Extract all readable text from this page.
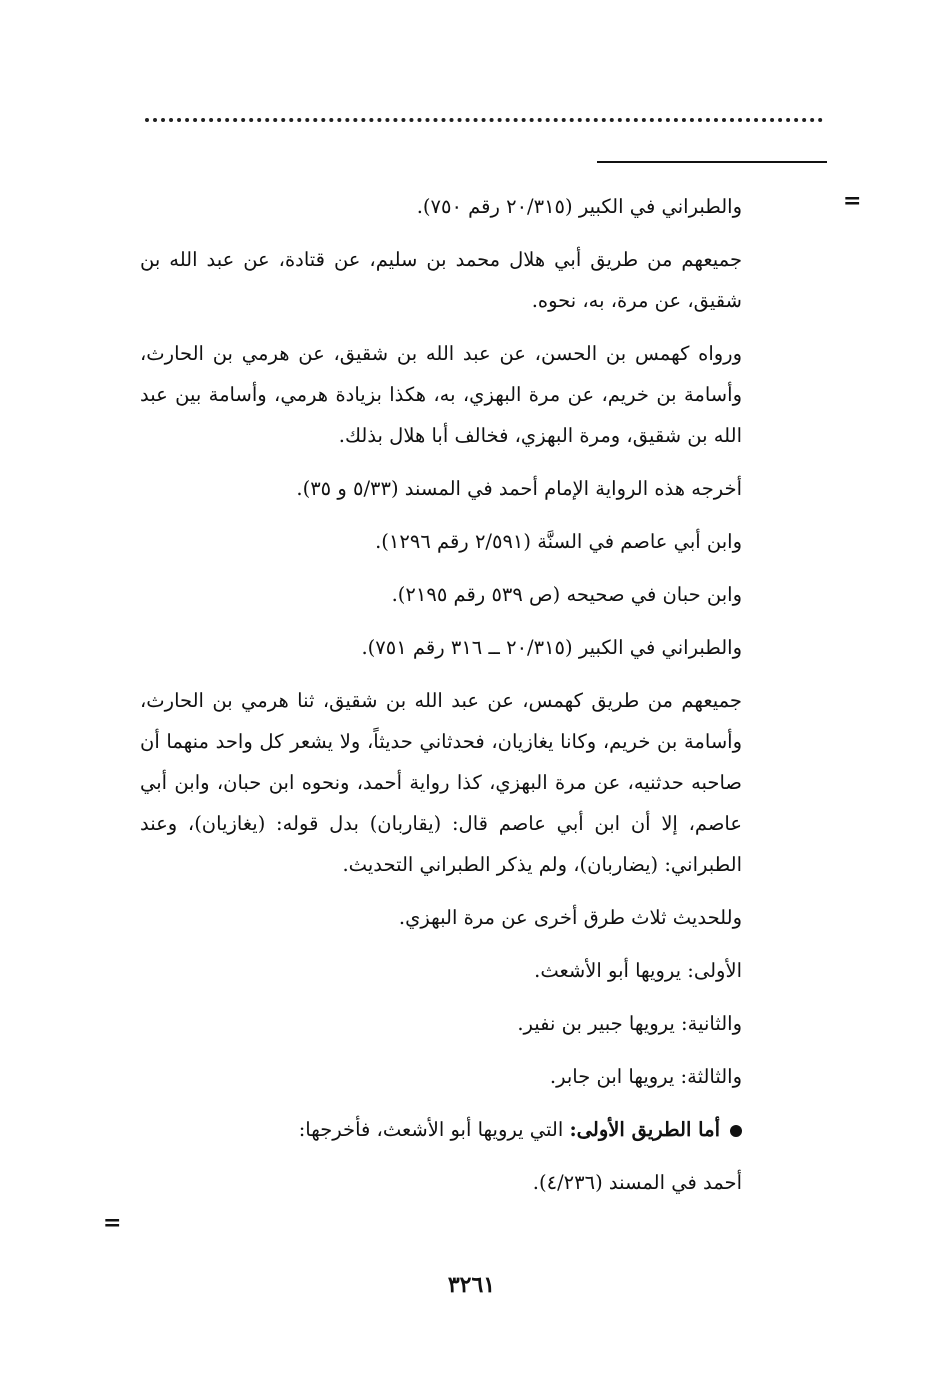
=

والطبراني في الكبير (٢٠/٣١٥ رقم ٧٥٠).

جميعهم من طريق أبي هلال محمد بن سليم، عن قتادة، عن عبد الله بن شقيق، عن مرة، به، نحوه.

ورواه كهمس بن الحسن، عن عبد الله بن شقيق، عن هرمي بن الحارث، وأسامة بن خريم، عن مرة البهزي، به، هكذا بزيادة هرمي، وأسامة بين عبد الله بن شقيق، ومرة البهزي، فخالف أبا هلال بذلك.

أخرجه هذه الرواية الإمام أحمد في المسند (٥/٣٣ و ٣٥).

وابن أبي عاصم في السنَّة (٢/٥٩١ رقم ١٢٩٦).

وابن حبان في صحيحه (ص ٥٣٩ رقم ٢١٩٥).

والطبراني في الكبير (٢٠/٣١٥ ــ ٣١٦ رقم ٧٥١).

جميعهم من طريق كهمس، عن عبد الله بن شقيق، ثنا هرمي بن الحارث، وأسامة بن خريم، وكانا يغازيان، فحدثاني حديثاً، ولا يشعر كل واحد منهما أن صاحبه حدثنيه، عن مرة البهزي، كذا رواية أحمد، ونحوه ابن حبان، وابن أبي عاصم، إلا أن ابن أبي عاصم قال: (يقاربان) بدل قوله: (يغازيان)، وعند الطبراني: (يضاربان)، ولم يذكر الطبراني التحديث.

وللحديث ثلاث طرق أخرى عن مرة البهزي.

الأولى: يرويها أبو الأشعث.

والثانية: يرويها جبير بن نفير.

والثالثة: يرويها ابن جابر.

أما الطريق الأولى: التي يرويها أبو الأشعث، فأخرجها:

أحمد في المسند (٤/٢٣٦).

=
٣٢٦١
